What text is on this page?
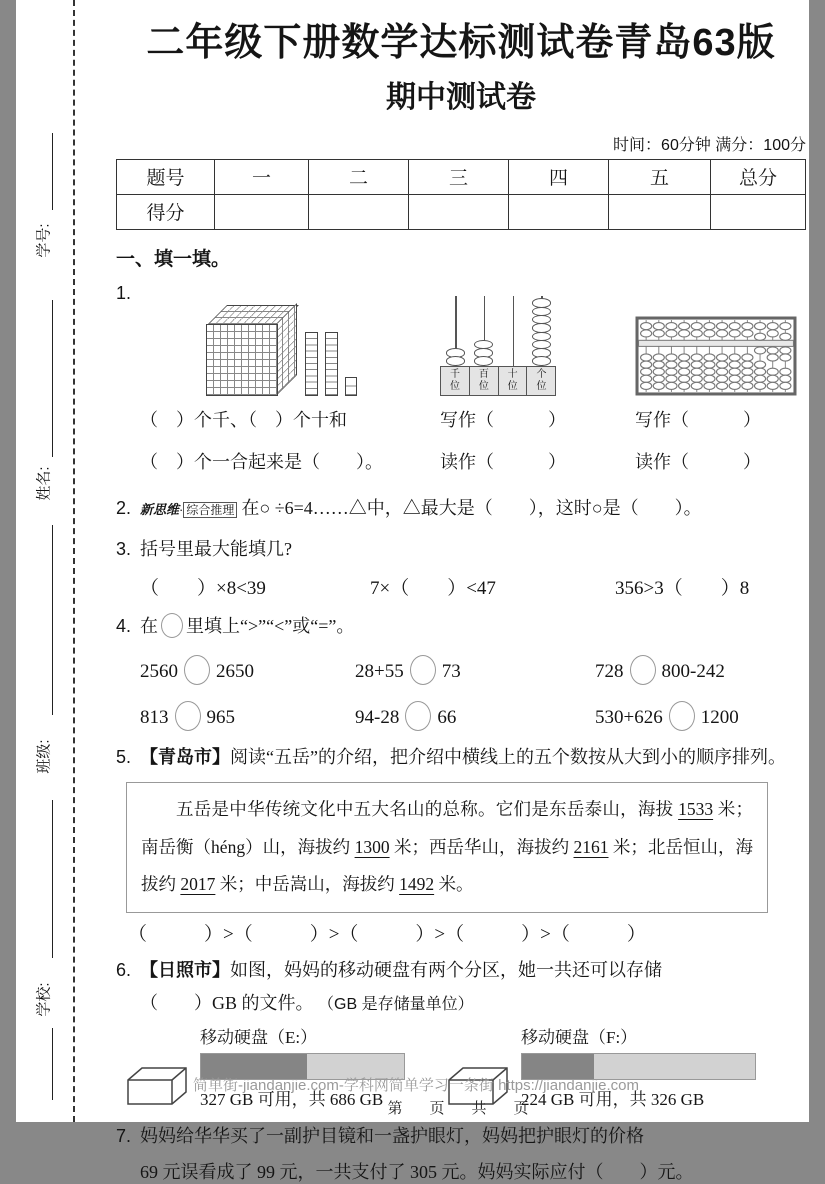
学号:
姓名:
班级:
学校:
二年级下册数学达标测试卷青岛63版
期中测试卷
时间：60分钟 满分：100分
题号	一	二	三	四	五	总分
得分						
一、填一填。
1.
千位
百位
十位
个位
（　）个千、（　）个十和	写作（　　　）	写作（　　　）
（　）个一合起来是（　　）。	读作（　　　）	读作（　　　）
2. 新思维· 综合推理 在○ ÷6=4……△中，△最大是（　　），这时○是（　　）。
3. 括号里最大能填几?
（　　）×8<39	7×（　　）<47	356>3（　　）8
4. 在 里填上“>”“<”或“=”。
2560 2650	28+55 73	728 800-242
813 965	94-28 66	530+626 1200
5. 【青岛市】阅读“五岳”的介绍，把介绍中横线上的五个数按从大到小的顺序排列。
五岳是中华传统文化中五大名山的总称。它们是东岳泰山，海拔 1533 米；南岳衡（héng）山，海拔约 1300 米；西岳华山，海拔约 2161 米；北岳恒山，海拔约 2017 米；中岳嵩山，海拔约 1492 米。
（　　　）>（　　　）>（　　　）>（　　　）>（　　　）
6. 【日照市】如图，妈妈的移动硬盘有两个分区，她一共还可以存储
（　　）GB 的文件。 （GB 是存储量单位）
移动硬盘（E:）
327 GB 可用，共 686 GB
移动硬盘（F:）
224 GB 可用，共 326 GB
7. 妈妈给华华买了一副护目镜和一盏护眼灯，妈妈把护眼灯的价格
69 元误看成了 99 元，一共支付了 305 元。妈妈实际应付（　　）元。
简单街-jiandanjie.com-学科网简单学习一条街 https://jiandanjie.com
第　页　共　页
